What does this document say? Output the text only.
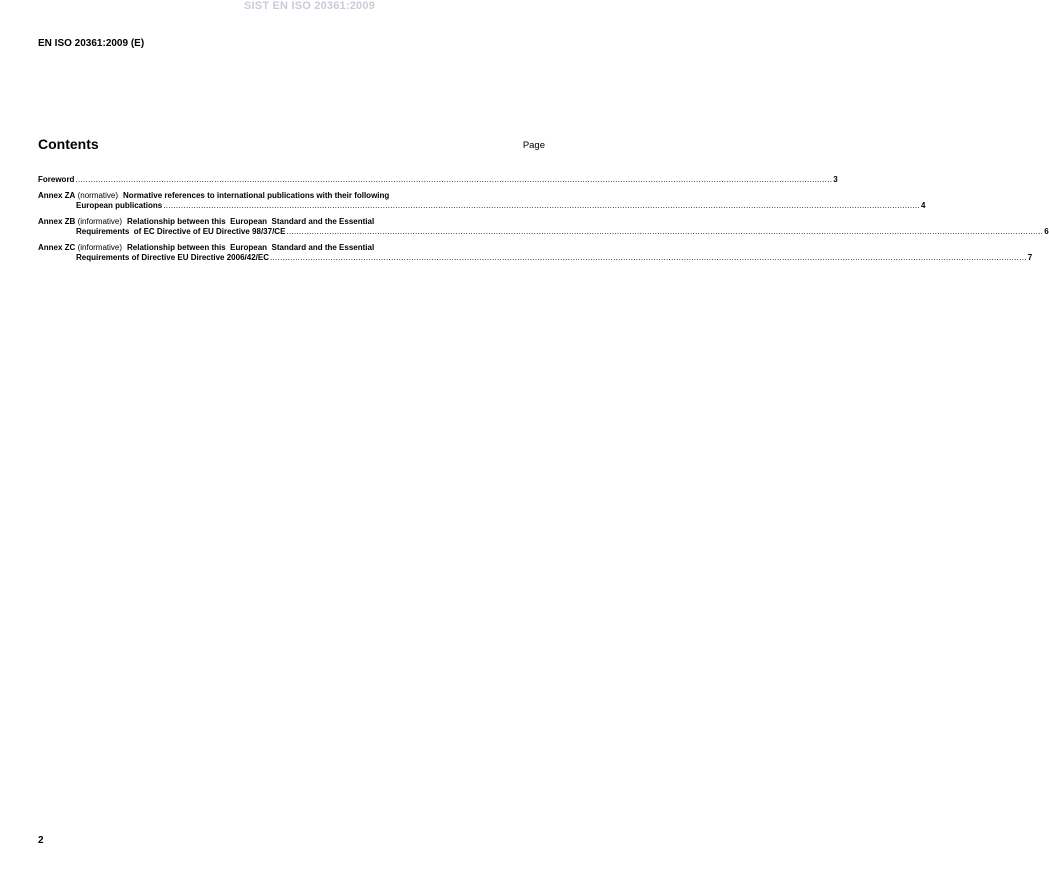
SIST EN ISO 20361:2009
EN ISO 20361:2009 (E)
Contents	Page
Foreword ............................................................................................................................................................................................................................................................................................................ 3
Annex ZA
(normative) Normative references to international publications with their following
European publications ............................................................................................................................................................................................................................................................................................................ 4
Annex ZB
(informative) Relationship between this  European  Standard and the Essential
Requirements  of EC Directive of EU Directive 98/37/CE ............................................................................................................................................................................................................................................................................................................ 6
Annex ZC
(informative) Relationship between this  European  Standard and the Essential
Requirements of Directive EU Directive 2006/42/EC ............................................................................................................................................................................................................................................................................................................ 7
2
